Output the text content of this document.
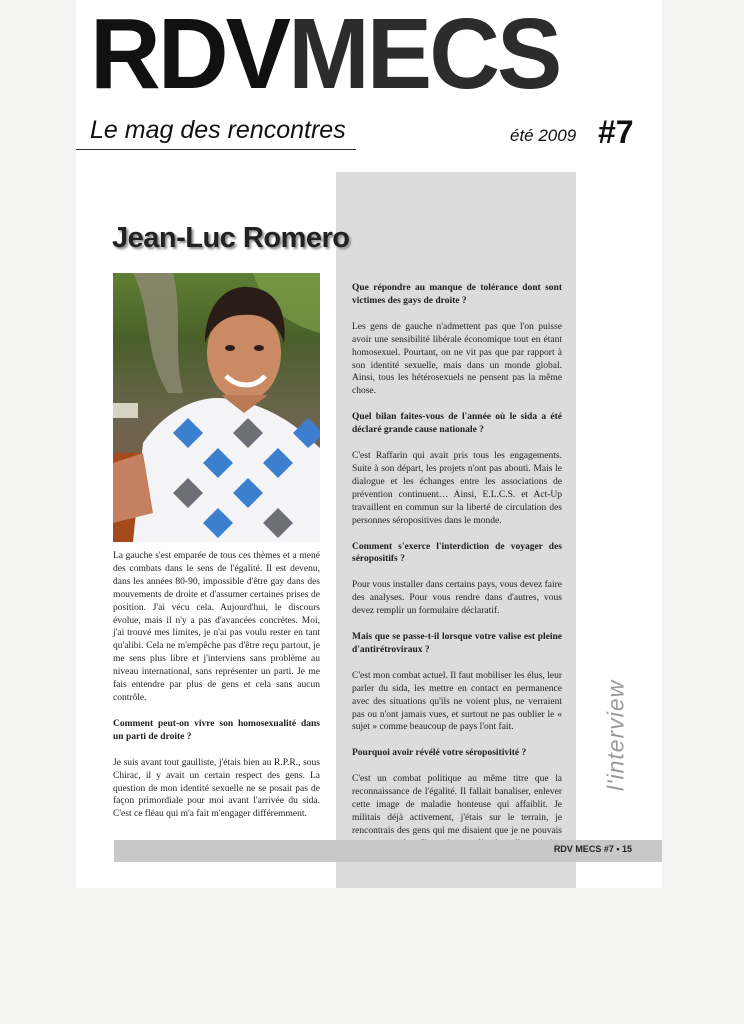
RDVMECS
Le mag des rencontres	été 2009 #7
Jean-Luc Romero

La gauche s'est emparée de tous ces thèmes et a mené des combats dans le sens de l'égalité. Il est devenu, dans les années 80-90, impossible d'être gay dans des mouvements de droite et d'assumer certaines prises de position. J'ai vécu cela. Aujourd'hui, le discours évolue, mais il n'y a pas d'avancées concrètes. Moi, j'ai trouvé mes limites, je n'ai pas voulu rester en tant qu'alibi. Cela ne m'empêche pas d'être reçu partout, je me sens plus libre et j'interviens sans problème au niveau international, sans représenter un parti. Je me fais entendre par plus de gens et cela sans aucun contrôle.

Comment peut-on vivre son homosexualité dans un parti de droite ?

Je suis avant tout gaulliste, j'étais bien au R.P.R., sous Chirac, il y avait un certain respect des gens. La question de mon identité sexuelle ne se posait pas de façon primordiale pour moi avant l'arrivée du sida. C'est ce fléau qui m'a fait m'engager différemment.

Que répondre au manque de tolérance dont sont victimes des gays de droite ?

Les gens de gauche n'admettent pas que l'on puisse avoir une sensibilité libérale économique tout en étant homosexuel. Pourtant, on ne vit pas que par rapport à son identité sexuelle, mais dans un monde global. Ainsi, tous les hétérosexuels ne pensent pas la même chose.

Quel bilan faites-vous de l'année où le sida a été déclaré grande cause nationale ?

C'est Raffarin qui avait pris tous les engagements. Suite à son départ, les projets n'ont pas abouti. Mais le dialogue et les échanges entre les associations de prévention continuent… Ainsi, E.L.C.S. et Act-Up travaillent en commun sur la liberté de circulation des personnes séropositives dans le monde.

Comment s'exerce l'interdiction de voyager des séropositifs ?

Pour vous installer dans certains pays, vous devez faire des analyses. Pour vous rendre dans d'autres, vous devez remplir un formulaire déclaratif.

Mais que se passe-t-il lorsque votre valise est pleine d'antirétroviraux ?

C'est mon combat actuel. Il faut mobiliser les élus, leur parler du sida, les mettre en contact en permanence avec des situations qu'ils ne voient plus, ne verraient pas ou n'ont jamais vues, et surtout ne pas oublier le « sujet » comme beaucoup de pays l'ont fait.

Pourquoi avoir révélé votre séropositivité ?

C'est un combat politique au même titre que la reconnaissance de l'égalité. Il fallait banaliser, enlever cette image de maladie honteuse qui affaiblit. Je militais déjà activement, j'étais sur le terrain, je rencontrais des gens qui me disaient que je ne pouvais

l'interview
RDV MECS #7 • 15
